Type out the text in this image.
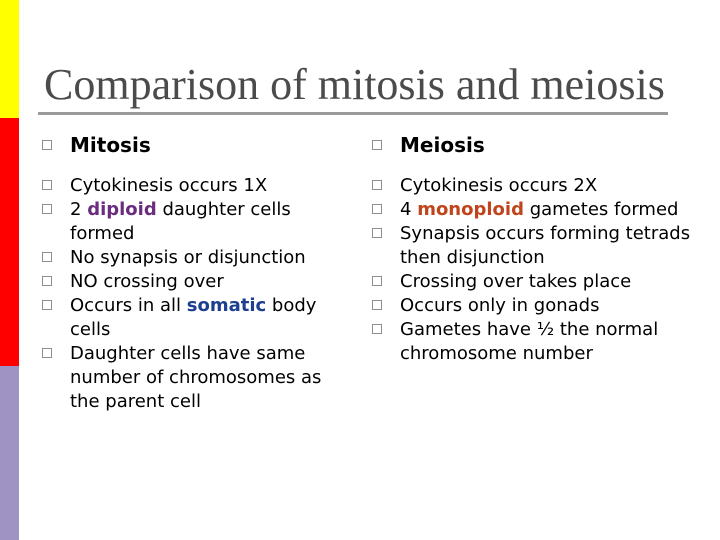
Comparison of mitosis and meiosis
Mitosis
Cytokinesis occurs 1X
2 diploid daughter cells formed
No synapsis or disjunction
NO crossing over
Occurs in all somatic body cells
Daughter cells have same number of chromosomes as the parent cell
Meiosis
Cytokinesis occurs 2X
4 monoploid gametes formed
Synapsis occurs forming tetrads then disjunction
Crossing over takes place
Occurs only in gonads
Gametes have ½ the normal chromosome number
